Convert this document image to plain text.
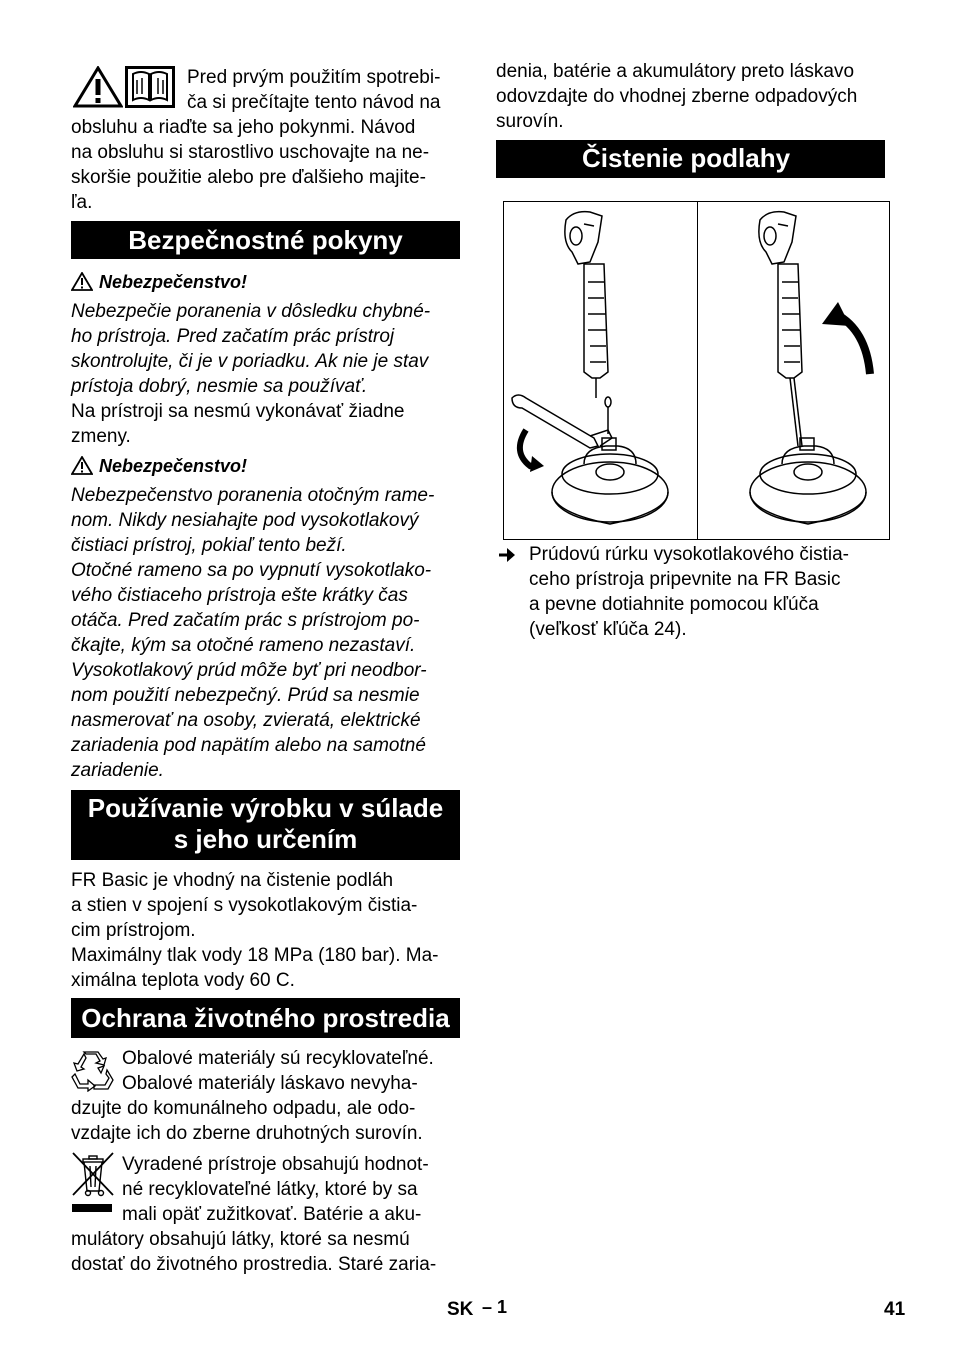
Pred prvým použitím spotrebi-
ča si prečítajte tento návod na
obsluhu a riaďte sa jeho pokynmi. Návod
na obsluhu si starostlivo uschovajte na ne-
skoršie použitie alebo pre ďalšieho majite-
ľa.
Bezpečnostné pokyny
Nebezpečenstvo!
Nebezpečie poranenia v dôsledku chybné-
ho prístroja. Pred začatím prác prístroj
skontrolujte, či je v poriadku. Ak nie je stav
prístoja dobrý, nesmie sa používať.
Na prístroji sa nesmú vykonávať žiadne
zmeny.
Nebezpečenstvo!
Nebezpečenstvo poranenia otočným rame-
nom. Nikdy nesiahajte pod vysokotlakový
čistiaci prístroj, pokiaľ tento beží.
Otočné rameno sa po vypnutí vysokotlako-
vého čistiaceho prístroja ešte krátky čas
otáča. Pred začatím prác s prístrojom po-
čkajte, kým sa otočné rameno nezastaví.
Vysokotlakový prúd môže byť pri neodbor-
nom použití nebezpečný. Prúd sa nesmie
nasmerovať na osoby, zvieratá, elektrické
zariadenia pod napätím alebo na samotné
zariadenie.
Používanie výrobku v súlade
s jeho určením
FR Basic je vhodný na čistenie podláh
a stien v spojení s vysokotlakovým čistia-
cim prístrojom.
Maximálny tlak vody 18 MPa (180 bar). Ma-
ximálna teplota vody 60 C.
Ochrana životného prostredia
Obalové materiály sú recyklovateľné.
Obalové materiály láskavo nevyha-
dzujte do komunálneho odpadu, ale odo-
vzdajte ich do zberne druhotných surovín.
Vyradené prístroje obsahujú hodnot-
né recyklovateľné látky, ktoré by sa
mali opäť zužitkovať. Batérie a aku-
mulátory obsahujú látky, ktoré sa nesmú
dostať do životného prostredia. Staré zaria-
denia, batérie a akumulátory preto láskavo
odovzdajte do vhodnej zberne odpadových
surovín.
Čistenie podlahy
Prúdovú rúrku vysokotlakového čistia-
ceho prístroja pripevnite na FR Basic
a pevne dotiahnite pomocou kľúča
(veľkosť kľúča 24).
SK – 1	41
